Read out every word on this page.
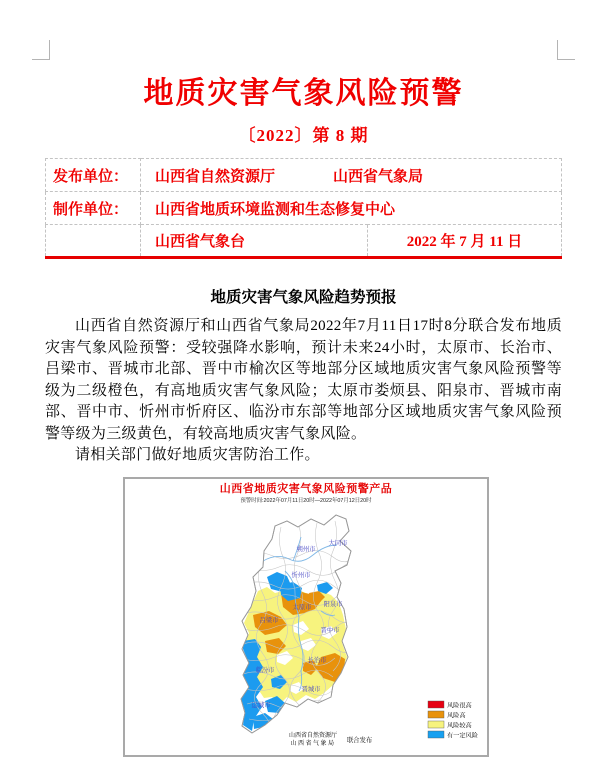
地质灾害气象风险预警
〔2022〕第 8 期
发布单位：	山西省自然资源厅 山西省气象局	
制作单位：	山西省地质环境监测和生态修复中心	
	山西省气象台	2022 年 7 月 11 日
地质灾害气象风险趋势预报

山西省自然资源厅和山西省气象局2022年7月11日17时8分联合发布地质灾害气象风险预警：受较强降水影响，预计未来24小时，太原市、长治市、吕梁市、晋城市北部、晋中市榆次区等地部分区域地质灾害气象风险预警等级为二级橙色，有高地质灾害气象风险；太原市娄烦县、阳泉市、晋城市南部、晋中市、忻州市忻府区、临汾市东部等地部分区域地质灾害气象风险预警等级为三级黄色，有较高地质灾害气象风险。

请相关部门做好地质灾害防治工作。

山西省地质灾害气象风险预警产品
预警时间:2022年07月11日20时—2022年07月12日20时
大同市
朔州市
忻州市
太原市 阳泉市
吕梁市
晋中市
长治市
临汾市
晋城市
运城市	风险很高
风险高
风险较高
有一定风险
山西省自然资源厅
山西省气象局 联合发布
